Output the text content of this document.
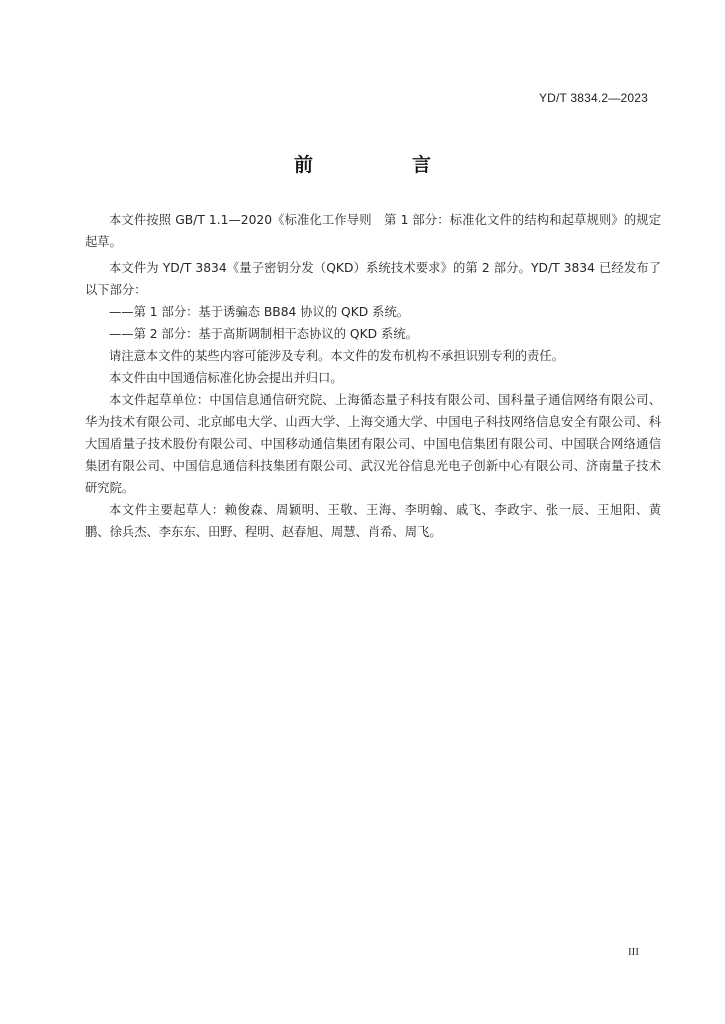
YD/T 3834.2—2023
前　言

本文件按照 GB/T 1.1—2020《标准化工作导则　第 1 部分：标准化文件的结构和起草规则》的规定起草。

本文件为 YD/T 3834《量子密钥分发（QKD）系统技术要求》的第 2 部分。YD/T 3834 已经发布了以下部分：

——第 1 部分：基于诱骗态 BB84 协议的 QKD 系统。

——第 2 部分：基于高斯调制相干态协议的 QKD 系统。

请注意本文件的某些内容可能涉及专利。本文件的发布机构不承担识别专利的责任。

本文件由中国通信标准化协会提出并归口。

本文件起草单位：中国信息通信研究院、上海循态量子科技有限公司、国科量子通信网络有限公司、华为技术有限公司、北京邮电大学、山西大学、上海交通大学、中国电子科技网络信息安全有限公司、科大国盾量子技术股份有限公司、中国移动通信集团有限公司、中国电信集团有限公司、中国联合网络通信集团有限公司、中国信息通信科技集团有限公司、武汉光谷信息光电子创新中心有限公司、济南量子技术研究院。

本文件主要起草人：赖俊森、周颖明、王敬、王海、李明翰、戚飞、李政宇、张一辰、王旭阳、黄鹏、徐兵杰、李东东、田野、程明、赵春旭、周慧、肖希、周飞。

III
